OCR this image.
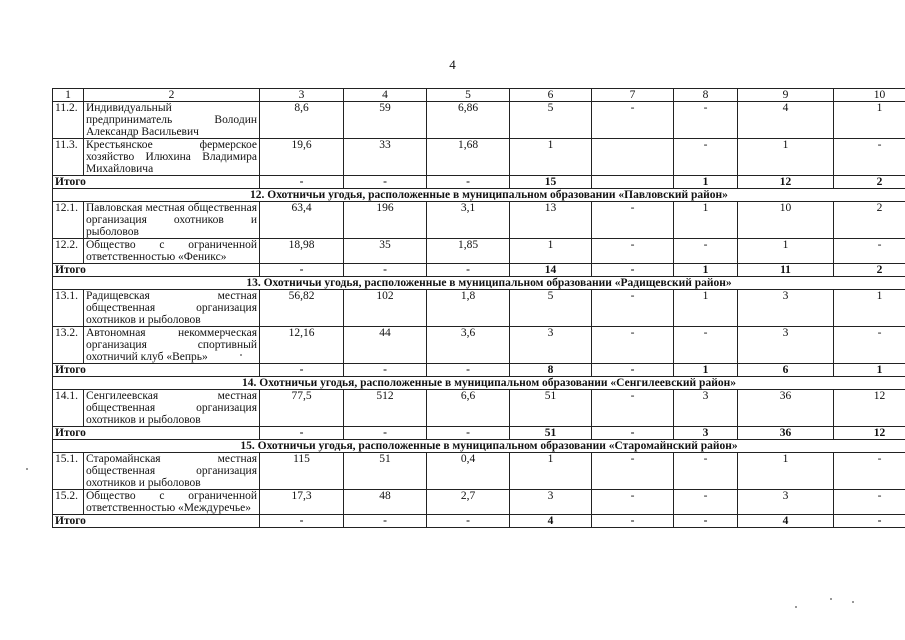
4
1	2	3	4	5	6	7	8	9	10
11.2.	Индивидуальный предприниматель Володин Александр Васильевич	8,6	59	6,86	5	-	-	4	1
11.3.	Крестьянское фермерское хозяйство Илюхина Владимира Михайловича	19,6	33	1,68	1		-	1	-
Итого		-	-	-	15		1	12	2
12. Охотничьи угодья, расположенные в муниципальном образовании «Павловский район»									
12.1.	Павловская местная общественная организация охотников и рыболовов	63,4	196	3,1	13	-	1	10	2
12.2.	Общество с ограниченной ответственностью «Феникс»	18,98	35	1,85	1	-	-	1	-
Итого		-	-	-	14	-	1	11	2
13. Охотничьи угодья, расположенные в муниципальном образовании «Радищевский район»									
13.1.	Радищевская местная общественная организация охотников и рыболовов	56,82	102	1,8	5	-	1	3	1
13.2.	Автономная некоммерческая организация спортивный охотничий клуб «Вепрь»	12,16	44	3,6	3	-	-	3	-
Итого		-	-	-	8	-	1	6	1
14. Охотничьи угодья, расположенные в муниципальном образовании «Сенгилеевский район»									
14.1.	Сенгилеевская местная общественная организация охотников и рыболовов	77,5	512	6,6	51	-	3	36	12
Итого		-	-	-	51	-	3	36	12
15. Охотничьи угодья, расположенные в муниципальном образовании «Старомайнский район»									
15.1.	Старомайнская местная общественная организация охотников и рыболовов	115	51	0,4	1	-	-	1	-
15.2.	Общество с ограниченной ответственностью «Междуречье»	17,3	48	2,7	3	-	-	3	-
Итого		-	-	-	4	-	-	4	-
